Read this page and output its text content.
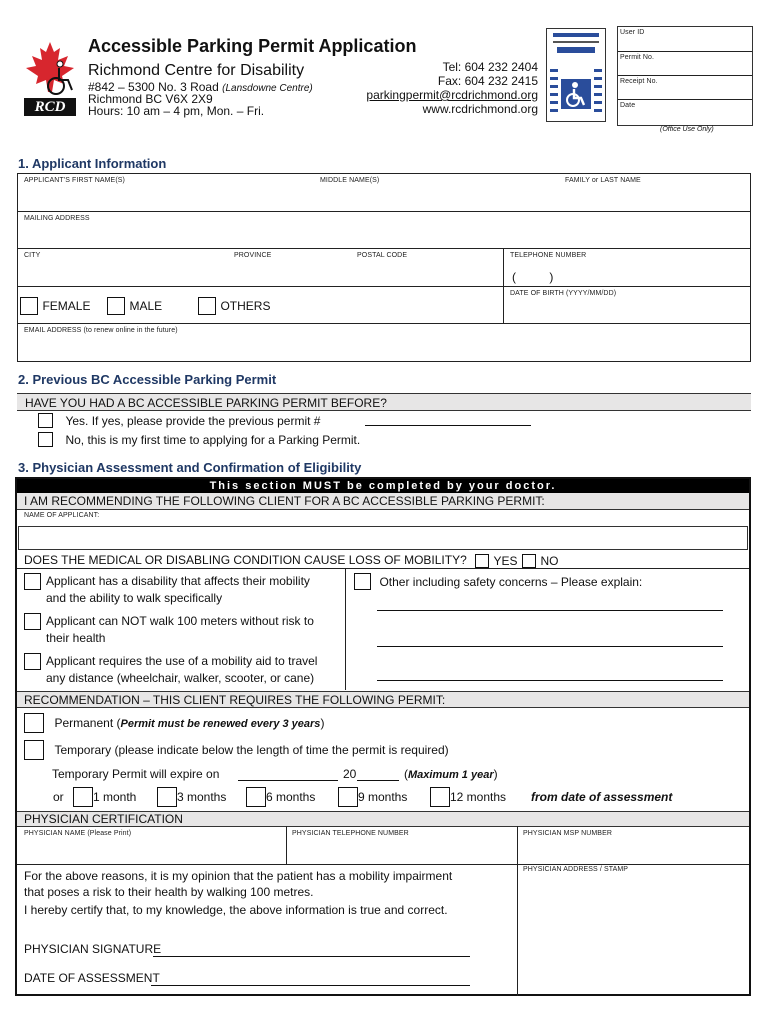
RCD
Accessible Parking Permit Application
Richmond Centre for Disability
#842 – 5300 No. 3 Road (Lansdowne Centre)
Richmond BC V6X 2X9
Hours: 10 am – 4 pm, Mon. – Fri.
Tel: 604 232 2404
Fax: 604 232 2415
parkingpermit@rcdrichmond.org
www.rcdrichmond.org
User ID
Permit No.
Receipt No.
Date
(Office Use Only)
1. Applicant Information
APPLICANT'S FIRST NAME(S)	MIDDLE NAME(S)	FAMILY or LAST NAME
MAILING ADDRESS
CITY	PROVINCE	POSTAL CODE	TELEPHONE NUMBER
(          )
DATE OF BIRTH (YYYY/MM/DD)
FEMALE	MALE	OTHERS
EMAIL ADDRESS (to renew online in the future)
2. Previous BC Accessible Parking Permit
HAVE YOU HAD A BC ACCESSIBLE PARKING PERMIT BEFORE?
Yes. If yes, please provide the previous permit #
No, this is my first time to applying for a Parking Permit.
3. Physician Assessment and Confirmation of Eligibility
This section MUST be completed by your doctor.
I AM RECOMMENDING THE FOLLOWING CLIENT FOR A BC ACCESSIBLE PARKING PERMIT:
NAME OF APPLICANT:
DOES THE MEDICAL OR DISABLING CONDITION CAUSE LOSS OF MOBILITY?	YES	NO
Applicant has a disability that affects their mobility
and the ability to walk specifically
Applicant can NOT walk 100 meters without risk to
their health
Applicant requires the use of a mobility aid to travel
any distance (wheelchair, walker, scooter, or cane)
Other including safety concerns – Please explain:
RECOMMENDATION – THIS CLIENT REQUIRES THE FOLLOWING PERMIT:
Permanent (Permit must be renewed every 3 years)
Temporary (please indicate below the length of time the permit is required)
Temporary Permit will expire on	20	(Maximum 1 year)
or	1 month	3 months	6 months	9 months	12 months from date of assessment
PHYSICIAN CERTIFICATION
PHYSICIAN NAME (Please Print)	PHYSICIAN TELEPHONE NUMBER	PHYSICIAN MSP NUMBER
PHYSICIAN ADDRESS / STAMP
For the above reasons, it is my opinion that the patient has a mobility impairment
that poses a risk to their health by walking 100 metres.
I hereby certify that, to my knowledge, the above information is true and correct.
PHYSICIAN SIGNATURE
DATE OF ASSESSMENT
